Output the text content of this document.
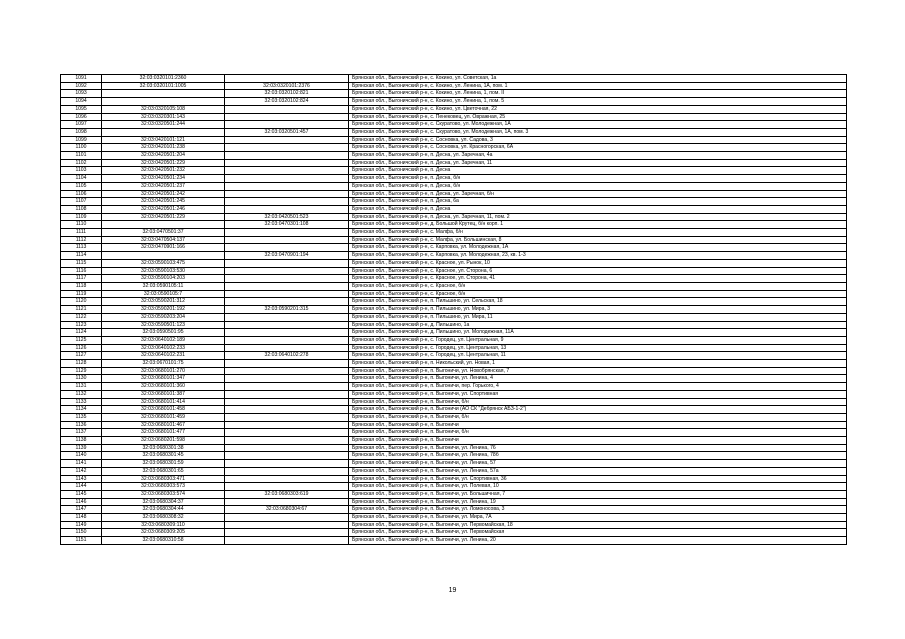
1091	32:03:0320101:2360		Брянская обл., Выгоничский р-н, с. Кокино, ул. Советская, 1а
1092	32:03:0320101:1005	32:03:0320101:2376	Брянская обл., Выгоничский р-н, с. Кокино, ул. Ленина, 1А, пом. 1
1093		32:03:0320102:821	Брянская обл., Выгоничский р-н, с. Кокино, ул. Ленина, 1, пом. II
1094		32:03:0320102:824	Брянская обл., Выгоничский р-н, с. Кокино, ул. Ленина, 1, пом. 5
1095	32:03:0320105:108		Брянская обл., Выгоничский р-н, с. Кокино, ул. Цветочная, 22
1096	32:03:0320301:143		Брянская обл., Выгоничский р-н, с. Пенековец, ул. Овражная, 25
1097	32:03:0320501:244		Брянская обл., Выгоничский р-н, с. Скуратово, ул. Молодежная, 1А
1098		32:03:0320501:457	Брянская обл., Выгоничский р-н, с. Скуратово, ул. Молодежная, 1А, пом. 3
1099	32:03:0420101:121		Брянская обл., Выгоничский р-н, с. Сосновка, ул. Садова, 3
1100	32:03:0420101:238		Брянская обл., Выгоничский р-н, с. Сосновка, ул. Красногорская, 6А
1101	32:03:0420501:204		Брянская обл., Выгоничский р-н, п. Десна, ул. Заречная, 4а
1102	32:03:0420501:229		Брянская обл., Выгоничский р-н, п. Десна, ул. Заречная, 11
1103	32:03:0420501:232		Брянская обл., Выгоничский р-н, п. Десна
1104	32:03:0420501:234		Брянская обл., Выгоничский р-н, п. Десна, б/н
1105	32:03:0420501:237		Брянская обл., Выгоничский р-н, п. Десна, б/н
1106	32:03:0420501:242		Брянская обл., Выгоничский р-н, п. Десна, ул. Заречная, б/н
1107	32:03:0420501:245		Брянская обл., Выгоничский р-н, п. Десна, 6а
1108	32:03:0420501:246		Брянская обл., Выгоничский р-н, п. Десна
1109	32:03:0420501:229	32:03:0420501:523	Брянская обл., Выгоничский р-н, п. Десна, ул. Заречная, 11, пом. 2
1110		32:03:0470301:108	Брянская обл., Выгоничский р-н, д. Большой Крутец, б/н корп. 1
1111	32:03:0470501:37		Брянская обл., Выгоничский р-н, с. Малфа, б/н
1112	32:03:0470504:137		Брянская обл., Выгоничский р-н, с. Малфа, ул. Большинская, 8
1113	32:03:0470901:166		Брянская обл., Выгоничский р-н, с. Карповка, ул. Молодежная, 1А
1114		32:03:0470901:194	Брянская обл., Выгоничский р-н, с. Карповка, ул. Молодежная, 23, кв. 1-3
1115	32:03:0590103:475		Брянская обл., Выгоничский р-н, с. Красное, ул. Рынок, 10
1116	32:03:0590103:530		Брянская обл., Выгоничский р-н, с. Красное, ул. Сторона, 6
1117	32:03:0590104:203		Брянская обл., Выгоничский р-н, с. Красное, ул. Сторона, 41
1118	32:03:0590105:11		Брянская обл., Выгоничский р-н, с. Красное, б/н
1119	32:03:0590105:7		Брянская обл., Выгоничский р-н, с. Красное, б/н
1120	32:03:0590201:312		Брянская обл., Выгоничский р-н, п. Пильшино, ул. Сельская, 18
1121	32:03:0590201:192	32:03:0590201:315	Брянская обл., Выгоничский р-н, п. Пильшино, ул. Мира, 3
1122	32:03:0590203:204		Брянская обл., Выгоничский р-н, п. Пильшино, ул. Мира, 11
1123	32:03:0590501:123		Брянская обл., Выгоничский р-н, д. Пильшино, 1а
1124	32:03:0590501:95		Брянская обл., Выгоничский р-н, д. Пильшино, ул. Молодежная, 11А
1125	32:03:0640102:189		Брянская обл., Выгоничский р-н, с. Городец, ул. Центральная, 9
1126	32:03:0640102:233		Брянская обл., Выгоничский р-н, с. Городец, ул. Центральная, 13
1127	32:03:0640102:231	32:03:0640102:278	Брянская обл., Выгоничский р-н, с. Городец, ул. Центральная, 11
1128	32:03:0670101:75		Брянская обл., Выгоничский р-н, п. Никольский, ул. Новая, 1
1129	32:03:0680101:270		Брянская обл., Выгоничский р-н, п. Выгоничи, ул. Новобрянская, 7
1130	32:03:0680101:347		Брянская обл., Выгоничский р-н, п. Выгоничи, ул. Ленина, 4
1131	32:03:0680101:360		Брянская обл., Выгоничский р-н, п. Выгоничи, пер. Горького, 4
1132	32:03:0680101:387		Брянская обл., Выгоничский р-н, п. Выгоничи, ул. Спортивная
1133	32:03:0680101:414		Брянская обл., Выгоничский р-н, п. Выгоничи, б/н
1134	32:03:0680101:458		Брянская обл., Выгоничский р-н, п. Выгоничи (АО СК "Дебрянск АБЗ-1-2")
1135	32:03:0680101:459		Брянская обл., Выгоничский р-н, п. Выгоничи, б/н
1136	32:03:0680101:467		Брянская обл., Выгоничский р-н, п. Выгоничи
1137	32:03:0680101:477		Брянская обл., Выгоничский р-н, п. Выгоничи, б/н
1138	32:03:0680201:598		Брянская обл., Выгоничский р-н, п. Выгоничи
1139	32:03:0680301:38		Брянская обл., Выгоничский р-н, п. Выгоничи, ул. Ленина, 76
1140	32:03:0680301:45		Брянская обл., Выгоничский р-н, п. Выгоничи, ул. Ленина, 78б
1141	32:03:0680301:59		Брянская обл., Выгоничский р-н, п. Выгоничи, ул. Ленина, 57
1142	32:03:0680301:65		Брянская обл., Выгоничский р-н, п. Выгоничи, ул. Ленина, 57а
1143	32:03:0680303:471		Брянская обл., Выгоничский р-н, п. Выгоничи, ул. Спортивная, 36
1144	32:03:0680303:573		Брянская обл., Выгоничский р-н, п. Выгоничи, ул. Полевая, 10
1145	32:03:0680303:574	32:03:0680303:619	Брянская обл., Выгоничский р-н, п. Выгоничи, ул. Большичная, 7
1146	32:03:0680304:37		Брянская обл., Выгоничский р-н, п. Выгоничи, ул. Ленина, 19
1147	32:03:0680304:44	32:03:0680304:67	Брянская обл., Выгоничский р-н, п. Выгоничи, ул. Ломоносова, 3
1148	32:03:0680308:32		Брянская обл., Выгоничский р-н, п. Выгоничи, ул. Мира, 7А
1149	32:03:0680309:110		Брянская обл., Выгоничский р-н, п. Выгоничи, ул. Первомайская, 18
1150	32:03:0680309:205		Брянская обл., Выгоничский р-н, п. Выгоничи, ул. Первомайская
1151	32:03:0680310:58		Брянская обл., Выгоничский р-н, п. Выгоничи, ул. Ленина, 20
19
